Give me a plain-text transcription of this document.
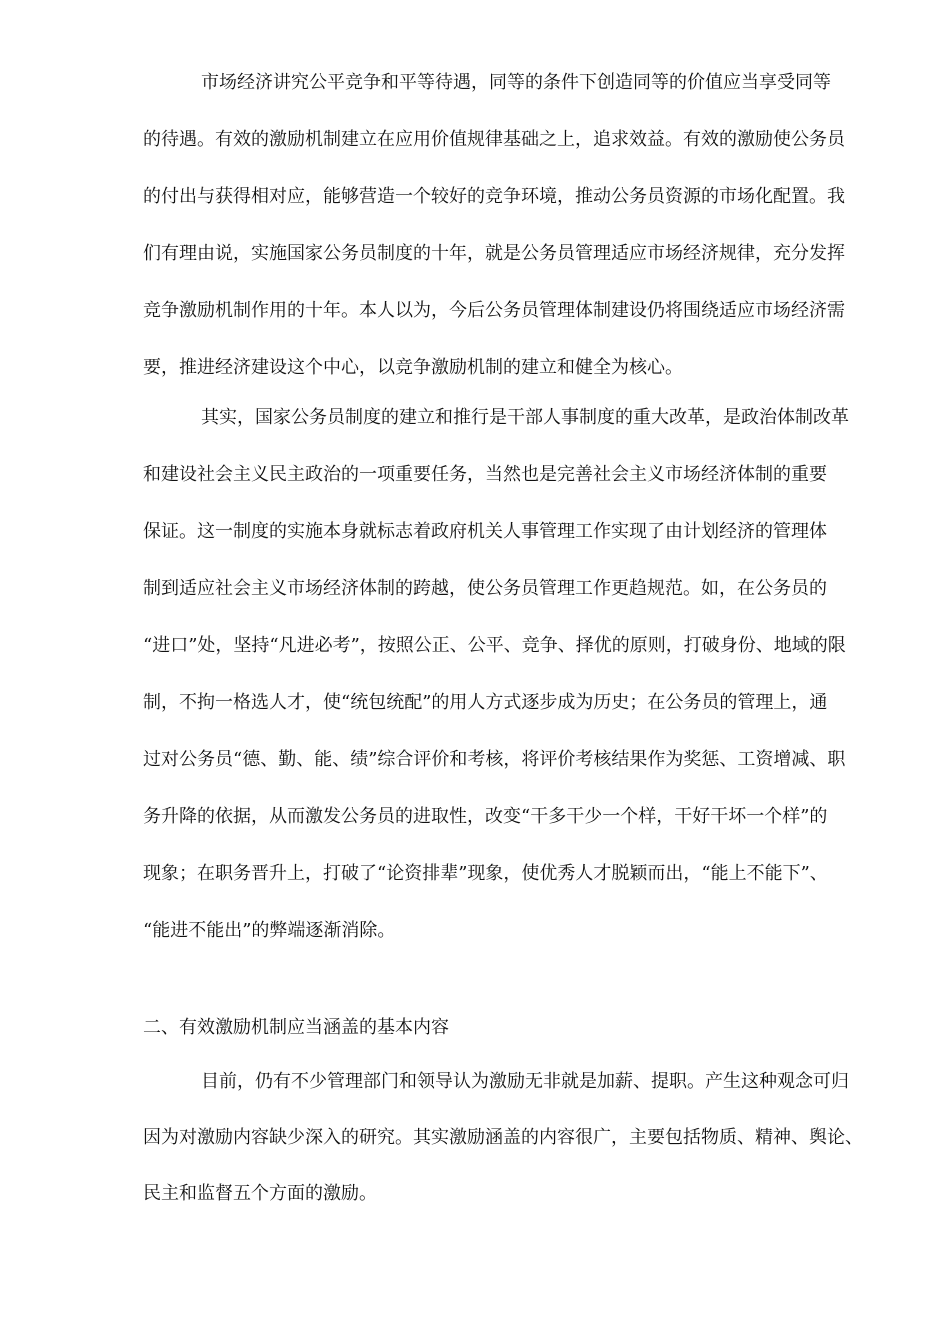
市场经济讲究公平竞争和平等待遇，同等的条件下创造同等的价值应当享受同等
的待遇。有效的激励机制建立在应用价值规律基础之上，追求效益。有效的激励使公务员
的付出与获得相对应，能够营造一个较好的竞争环境，推动公务员资源的市场化配置。我
们有理由说，实施国家公务员制度的十年，就是公务员管理适应市场经济规律，充分发挥
竞争激励机制作用的十年。本人以为，今后公务员管理体制建设仍将围绕适应市场经济需
要，推进经济建设这个中心，以竞争激励机制的建立和健全为核心。
其实，国家公务员制度的建立和推行是干部人事制度的重大改革，是政治体制改革
和建设社会主义民主政治的一项重要任务，当然也是完善社会主义市场经济体制的重要
保证。这一制度的实施本身就标志着政府机关人事管理工作实现了由计划经济的管理体
制到适应社会主义市场经济体制的跨越，使公务员管理工作更趋规范。如，在公务员的
“进口”处，坚持“凡进必考”，按照公正、公平、竞争、择优的原则，打破身份、地域的限
制，不拘一格选人才，使“统包统配”的用人方式逐步成为历史；在公务员的管理上，通
过对公务员“德、勤、能、绩”综合评价和考核，将评价考核结果作为奖惩、工资增减、职
务升降的依据，从而激发公务员的进取性，改变“干多干少一个样，干好干坏一个样”的
现象；在职务晋升上，打破了“论资排辈”现象，使优秀人才脱颖而出，“能上不能下”、
“能进不能出”的弊端逐渐消除。
二、有效激励机制应当涵盖的基本内容
目前，仍有不少管理部门和领导认为激励无非就是加薪、提职。产生这种观念可归
因为对激励内容缺少深入的研究。其实激励涵盖的内容很广，主要包括物质、精神、舆论、
民主和监督五个方面的激励。
